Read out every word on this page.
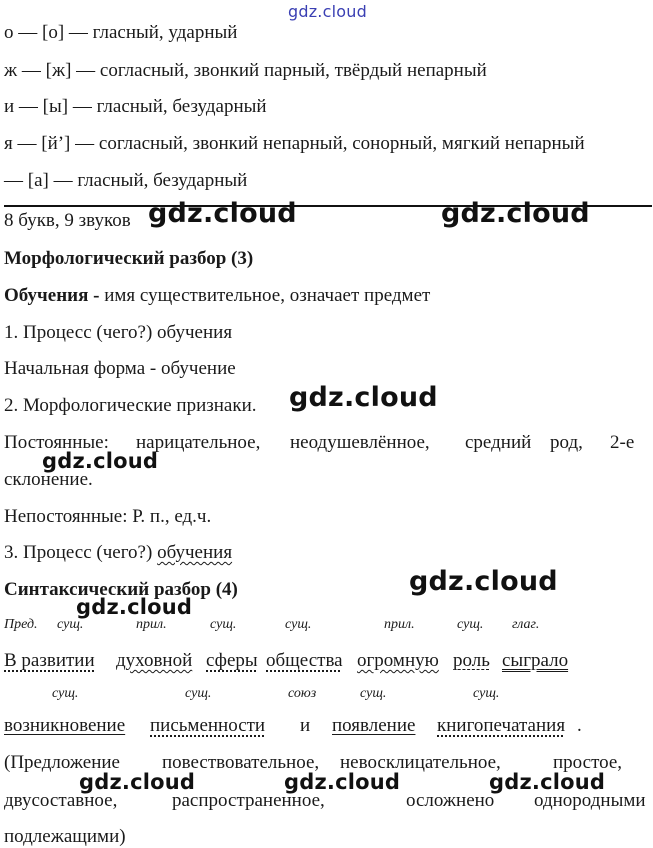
gdz.cloud
о — [о] — гласный, ударный
ж — [ж] — согласный, звонкий парный, твёрдый непарный
и — [ы] — гласный, безударный
я — [й’] — согласный, звонкий непарный, сонорный, мягкий непарный
— [а] — гласный, безударный
8 букв, 9 звуков gdz.cloud	gdz.cloud
Морфологический разбор (3)
Обучения - имя существительное, означает предмет
1. Процесс (чего?) обучения
Начальная форма - обучение
2. Морфологические признаки. gdz.cloud
Постоянные: нарицательное, неодушевлённое, средний род, 2-е
gdz.cloud
склонение.
Непостоянные: Р. п., ед.ч.
3. Процесс (чего?) обучения
Синтаксический разбор (4)	gdz.cloud
gdz.cloud
Пред. сущ.	прил.	сущ.	сущ.	прил.	сущ. глаг.
В развитии духовной сферы общества огромную роль сыграло
сущ.	сущ.	союз	сущ.	сущ.
возникновение письменности и появление книгопечатания .
(Предложение повествовательное, невосклицательное,	простое,
gdz.cloud	gdz.cloud	gdz.cloud
двусоставное,	распространенное,	осложнено однородными
подлежащими)
